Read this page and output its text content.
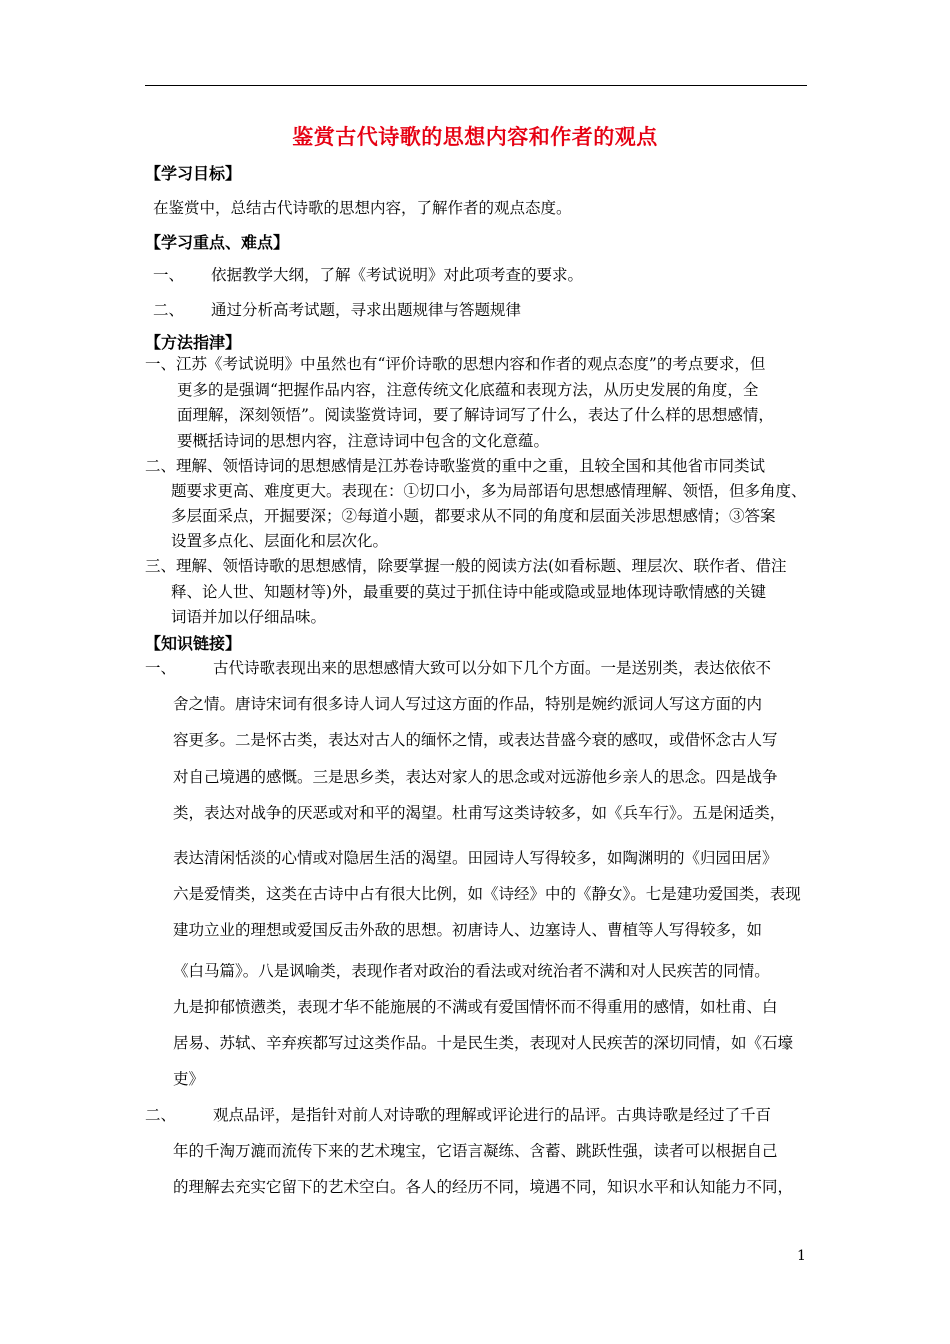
鉴赏古代诗歌的思想内容和作者的观点
【学习目标】
在鉴赏中，总结古代诗歌的思想内容，了解作者的观点态度。
【学习重点、难点】
一、 依据教学大纲，了解《考试说明》对此项考查的要求。
二、 通过分析高考试题，寻求出题规律与答题规律
【方法指津】
一、江苏《考试说明》中虽然也有“评价诗歌的思想内容和作者的观点态度”的考点要求，但
更多的是强调“把握作品内容，注意传统文化底蕴和表现方法，从历史发展的角度，全
面理解，深刻领悟”。阅读鉴赏诗词，要了解诗词写了什么，表达了什么样的思想感情，
要概括诗词的思想内容，注意诗词中包含的文化意蕴。
二、理解、领悟诗词的思想感情是江苏卷诗歌鉴赏的重中之重，且较全国和其他省市同类试
题要求更高、难度更大。表现在：①切口小，多为局部语句思想感情理解、领悟，但多角度、
多层面采点，开掘要深；②每道小题，都要求从不同的角度和层面关涉思想感情；③答案
设置多点化、层面化和层次化。
三、理解、领悟诗歌的思想感情，除要掌握一般的阅读方法(如看标题、理层次、联作者、借注
释、论人世、知题材等)外，最重要的莫过于抓住诗中能或隐或显地体现诗歌情感的关键
词语并加以仔细品味。
【知识链接】
一、 古代诗歌表现出来的思想感情大致可以分如下几个方面。一是送别类，表达依依不
舍之情。唐诗宋词有很多诗人词人写过这方面的作品，特别是婉约派词人写这方面的内
容更多。二是怀古类，表达对古人的缅怀之情，或表达昔盛今衰的感叹，或借怀念古人写
对自己境遇的感慨。三是思乡类，表达对家人的思念或对远游他乡亲人的思念。四是战争
类，表达对战争的厌恶或对和平的渴望。杜甫写这类诗较多，如《兵车行》。五是闲适类，
表达清闲恬淡的心情或对隐居生活的渴望。田园诗人写得较多，如陶渊明的《归园田居》
六是爱情类，这类在古诗中占有很大比例，如《诗经》中的《静女》。七是建功爱国类，表现
建功立业的理想或爱国反击外敌的思想。初唐诗人、边塞诗人、曹植等人写得较多，如
《白马篇》。八是讽喻类，表现作者对政治的看法或对统治者不满和对人民疾苦的同情。
九是抑郁愤懑类，表现才华不能施展的不满或有爱国情怀而不得重用的感情，如杜甫、白
居易、苏轼、辛弃疾都写过这类作品。十是民生类，表现对人民疾苦的深切同情，如《石壕
吏》
二、 观点品评，是指针对前人对诗歌的理解或评论进行的品评。古典诗歌是经过了千百
年的千淘万漉而流传下来的艺术瑰宝，它语言凝练、含蓄、跳跃性强，读者可以根据自己
的理解去充实它留下的艺术空白。各人的经历不同，境遇不同，知识水平和认知能力不同，
1
